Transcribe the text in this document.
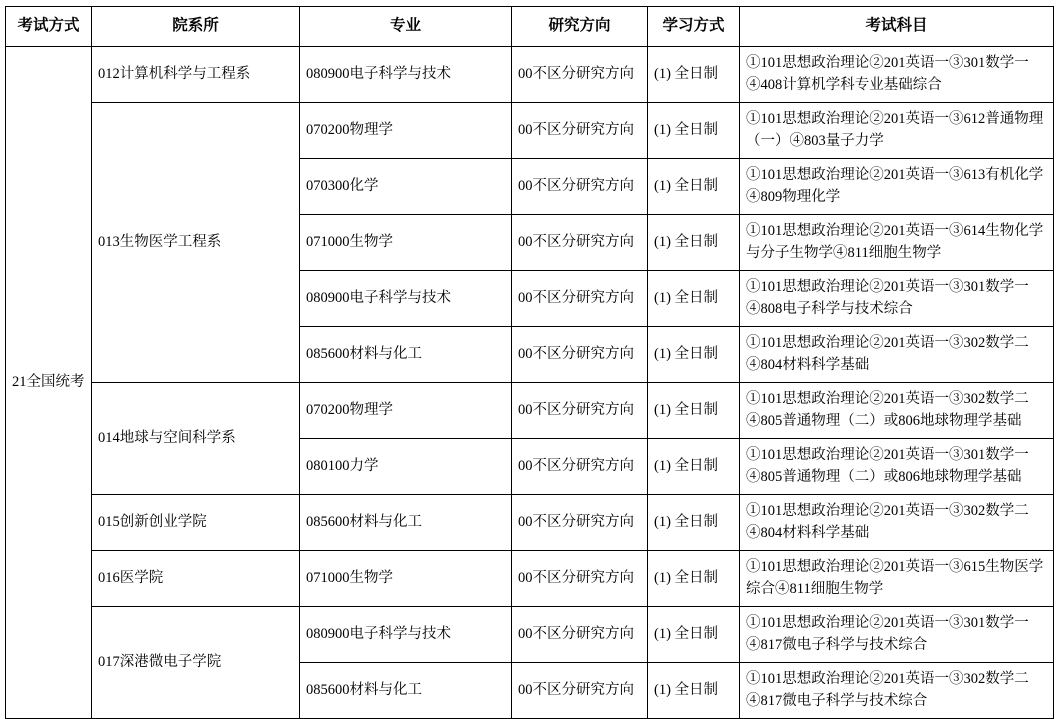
考试方式	院系所	专业	研究方向	学习方式	考试科目
21全国统考	012计算机科学与工程系	080900电子科学与技术	00不区分研究方向	(1) 全日制	①101思想政治理论②201英语一③301数学一④408计算机学科专业基础综合
	013生物医学工程系	070200物理学	00不区分研究方向	(1) 全日制	①101思想政治理论②201英语一③612普通物理（一）④803量子力学
		070300化学	00不区分研究方向	(1) 全日制	①101思想政治理论②201英语一③613有机化学④809物理化学
		071000生物学	00不区分研究方向	(1) 全日制	①101思想政治理论②201英语一③614生物化学与分子生物学④811细胞生物学
		080900电子科学与技术	00不区分研究方向	(1) 全日制	①101思想政治理论②201英语一③301数学一④808电子科学与技术综合
		085600材料与化工	00不区分研究方向	(1) 全日制	①101思想政治理论②201英语一③302数学二④804材料科学基础
	014地球与空间科学系	070200物理学	00不区分研究方向	(1) 全日制	①101思想政治理论②201英语一③302数学二④805普通物理（二）或806地球物理学基础
		080100力学	00不区分研究方向	(1) 全日制	①101思想政治理论②201英语一③301数学一④805普通物理（二）或806地球物理学基础
	015创新创业学院	085600材料与化工	00不区分研究方向	(1) 全日制	①101思想政治理论②201英语一③302数学二④804材料科学基础
	016医学院	071000生物学	00不区分研究方向	(1) 全日制	①101思想政治理论②201英语一③615生物医学综合④811细胞生物学
	017深港微电子学院	080900电子科学与技术	00不区分研究方向	(1) 全日制	①101思想政治理论②201英语一③301数学一④817微电子科学与技术综合
		085600材料与化工	00不区分研究方向	(1) 全日制	①101思想政治理论②201英语一③302数学二④817微电子科学与技术综合
